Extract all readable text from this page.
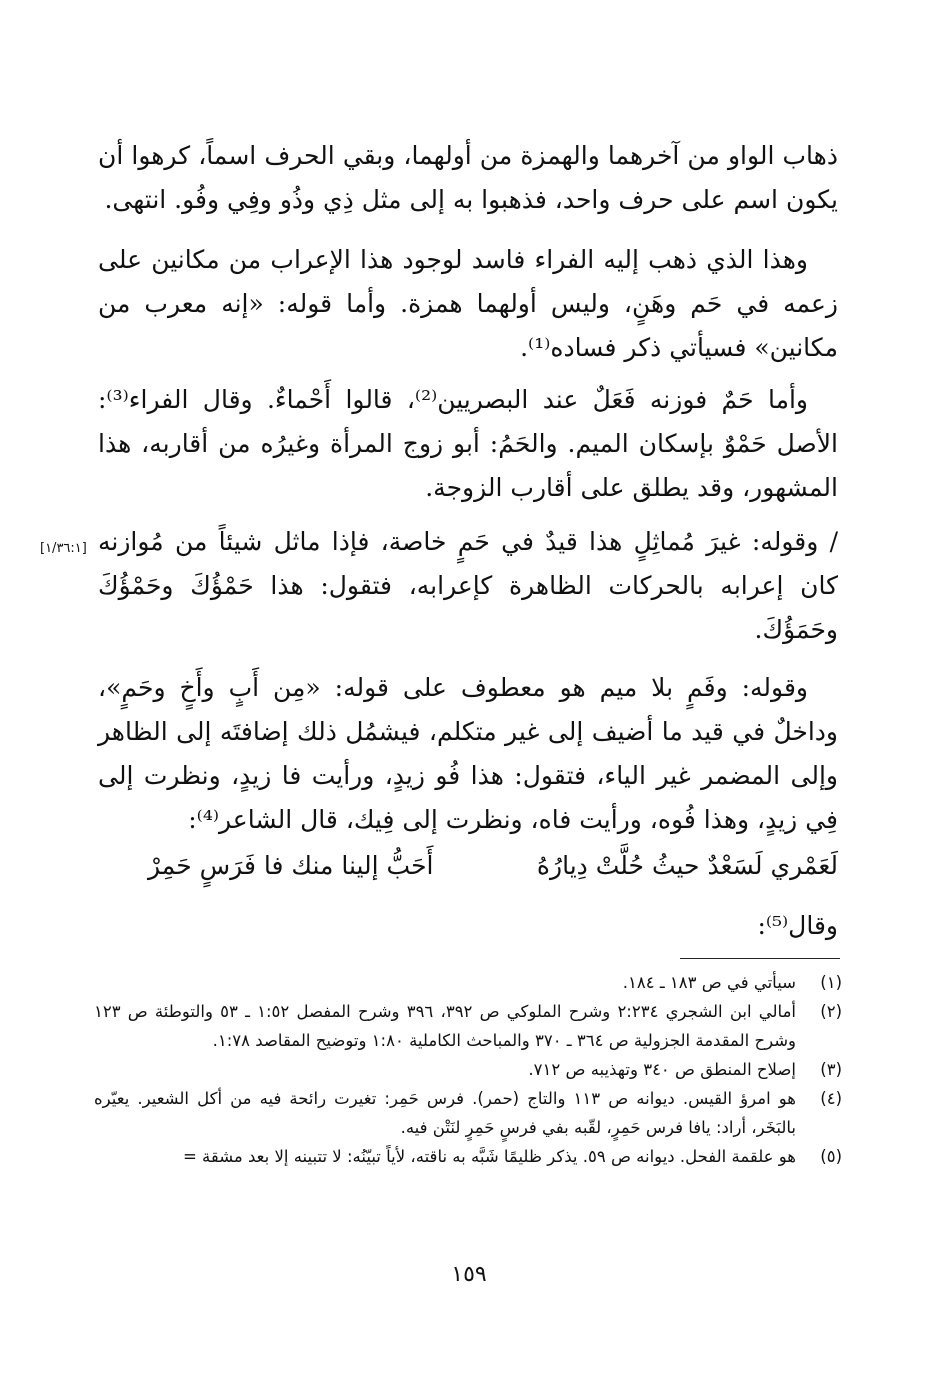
ذهاب الواو من آخرهما والهمزة من أولهما، وبقي الحرف اسماً، كرهوا أن يكون اسم على حرف واحد، فذهبوا به إلى مثل ذِي وذُو وفِي وفُو. انتهى.

وهذا الذي ذهب إليه الفراء فاسد لوجود هذا الإعراب من مكانين على زعمه في حَم وهَنٍ، وليس أولهما همزة. وأما قوله: «إنه معرب من مكانين» فسيأتي ذكر فساده⁽¹⁾.

وأما حَمٌ فوزنه فَعَلٌ عند البصريين⁽²⁾، قالوا أَحْماءٌ. وقال الفراء⁽³⁾: الأصل حَمْوٌ بإسكان الميم. والحَمُ: أبو زوج المرأة وغيرُه من أقاربه، هذا المشهور، وقد يطلق على أقارب الزوجة.

/ وقوله: غيرَ مُماثِلٍ هذا قيدٌ في حَمٍ خاصة، فإذا ماثل شيئاً من مُوازنه كان إعرابه بالحركات الظاهرة كإعرابه، فتقول: هذا حَمْؤُكَ وحَمْؤُكَ وحَمَؤُكَ.

[١/٣٦:١]

وقوله: وفَمٍ بلا ميم هو معطوف على قوله: «مِن أَبٍ وأَخٍ وحَمٍ»، وداخلٌ في قيد ما أضيف إلى غير متكلم، فيشمُل ذلك إضافتَه إلى الظاهر وإلى المضمر غير الياء، فتقول: هذا فُو زيدٍ، ورأيت فا زيدٍ، ونظرت إلى فِي زيدٍ، وهذا فُوه، ورأيت فاه، ونظرت إلى فِيك، قال الشاعر⁽⁴⁾:

لَعَمْري لَسَعْدٌ حيثُ حُلَّتْ دِيارُهُ
أَحَبُّ إلينا منك فا فَرَسٍ حَمِرْ
وقال⁽⁵⁾:
(١)
سيأتي في ص ١٨٣ ـ ١٨٤.
(٢)
أمالي ابن الشجري ٢:٢٣٤ وشرح الملوكي ص ٣٩٢، ٣٩٦ وشرح المفصل ١:٥٢ ـ ٥٣ والتوطئة ص ١٢٣ وشرح المقدمة الجزولية ص ٣٦٤ ـ ٣٧٠ والمباحث الكاملية ١:٨٠ وتوضيح المقاصد ١:٧٨.
(٣)
إصلاح المنطق ص ٣٤٠ وتهذيبه ص ٧١٢.
(٤)
هو امرؤ القيس. ديوانه ص ١١٣ والتاج (حمر). فرس حَمِر: تغيرت رائحة فيه من أكل الشعير. يعيّره بالبَخَر، أراد: يافا فرس حَمِرٍ، لقّبه بفي فرسٍ حَمِرٍ لنَتْن فيه.
(٥)
هو علقمة الفحل. ديوانه ص ٥٩. يذكر ظليمًا شَبَّه به ناقته، لأياً تبيّنُه: لا تتبينه إلا بعد مشقة =
١٥٩
